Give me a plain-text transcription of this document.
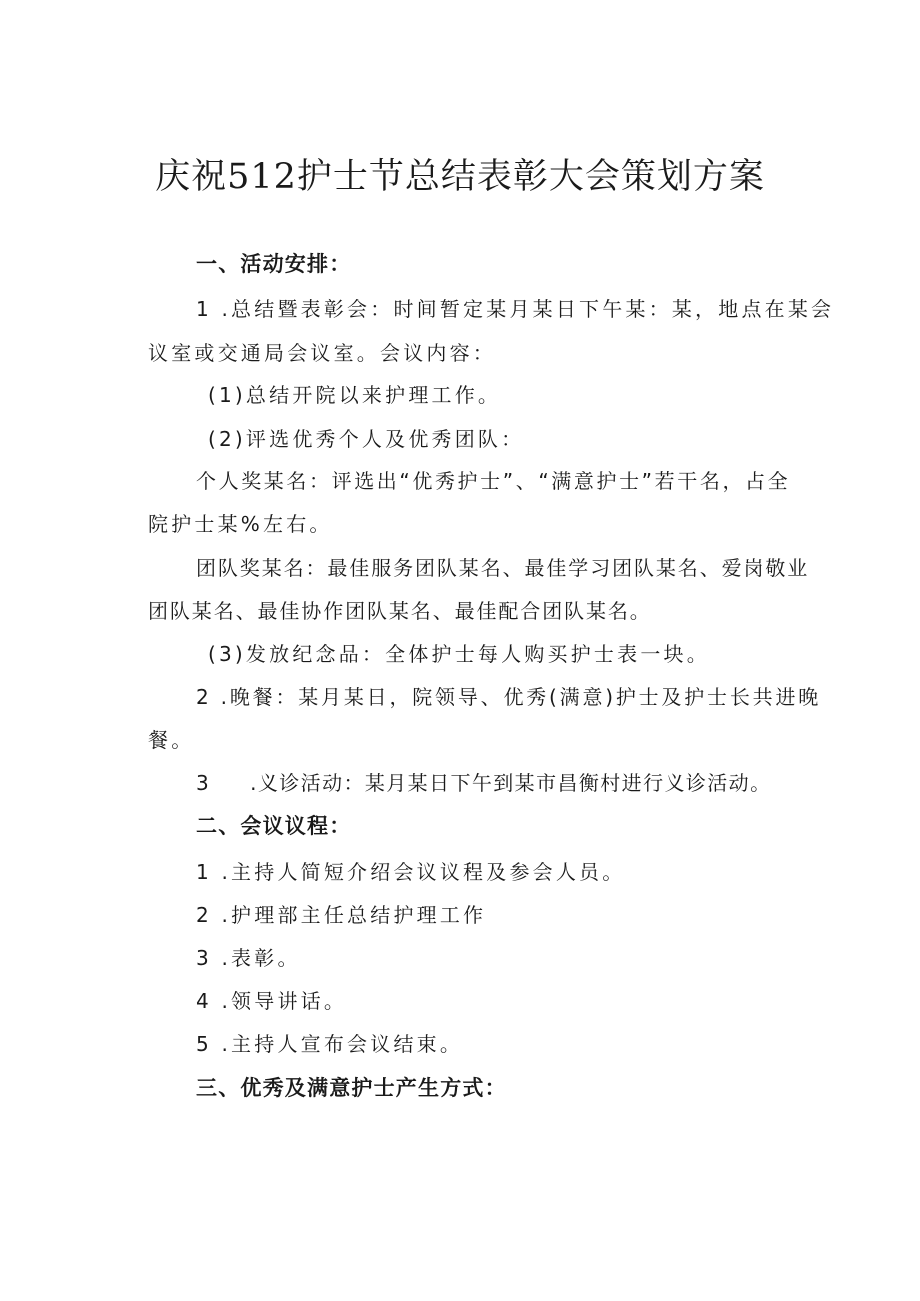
庆祝512护士节总结表彰大会策划方案
一、活动安排：
1 .总结暨表彰会：时间暂定某月某日下午某：某，地点在某会
议室或交通局会议室。会议内容：
(1)总结开院以来护理工作。
(2)评选优秀个人及优秀团队：
个人奖某名：评选出“优秀护士”、“满意护士”若干名，占全
院护士某%左右。
团队奖某名：最佳服务团队某名、最佳学习团队某名、爱岗敬业
团队某名、最佳协作团队某名、最佳配合团队某名。
(3)发放纪念品：全体护士每人购买护士表一块。
2 .晚餐：某月某日，院领导、优秀(满意)护士及护士长共进晚
餐。
3 .义诊活动：某月某日下午到某市昌衡村进行义诊活动。
二、会议议程：
1 .主持人简短介绍会议议程及参会人员。
2 .护理部主任总结护理工作
3 .表彰。
4 .领导讲话。
5 .主持人宣布会议结束。
三、优秀及满意护士产生方式：
